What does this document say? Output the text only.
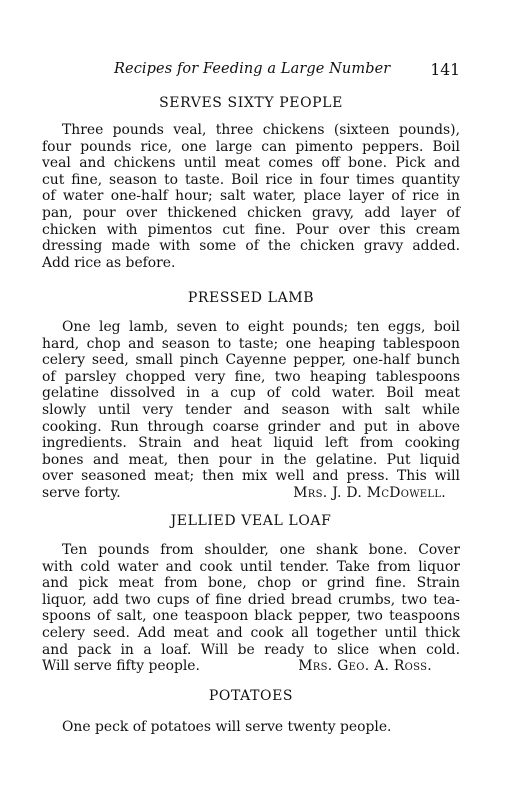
Recipes for Feeding a Large Number	141
SERVES SIXTY PEOPLE
Three pounds veal, three chickens (sixteen pounds),
four pounds rice, one large can pimento peppers. Boil
veal and chickens until meat comes off bone. Pick and
cut fine, season to taste. Boil rice in four times quantity
of water one-half hour; salt water, place layer of rice in
pan, pour over thickened chicken gravy, add layer of
chicken with pimentos cut fine. Pour over this cream
dressing made with some of the chicken gravy added.
Add rice as before.
PRESSED LAMB
One leg lamb, seven to eight pounds; ten eggs, boil
hard, chop and season to taste; one heaping tablespoon
celery seed, small pinch Cayenne pepper, one-half bunch
of parsley chopped very fine, two heaping tablespoons
gelatine dissolved in a cup of cold water. Boil meat
slowly until very tender and season with salt while
cooking. Run through coarse grinder and put in above
ingredients. Strain and heat liquid left from cooking
bones and meat, then pour in the gelatine. Put liquid
over seasoned meat; then mix well and press. This will
serve forty.	Mrs. J. D. McDowell.
JELLIED VEAL LOAF
Ten pounds from shoulder, one shank bone. Cover
with cold water and cook until tender. Take from liquor
and pick meat from bone, chop or grind fine. Strain
liquor, add two cups of fine dried bread crumbs, two tea-
spoons of salt, one teaspoon black pepper, two teaspoons
celery seed. Add meat and cook all together until thick
and pack in a loaf. Will be ready to slice when cold.
Will serve fifty people.	Mrs. Geo. A. Ross.
POTATOES
One peck of potatoes will serve twenty people.
